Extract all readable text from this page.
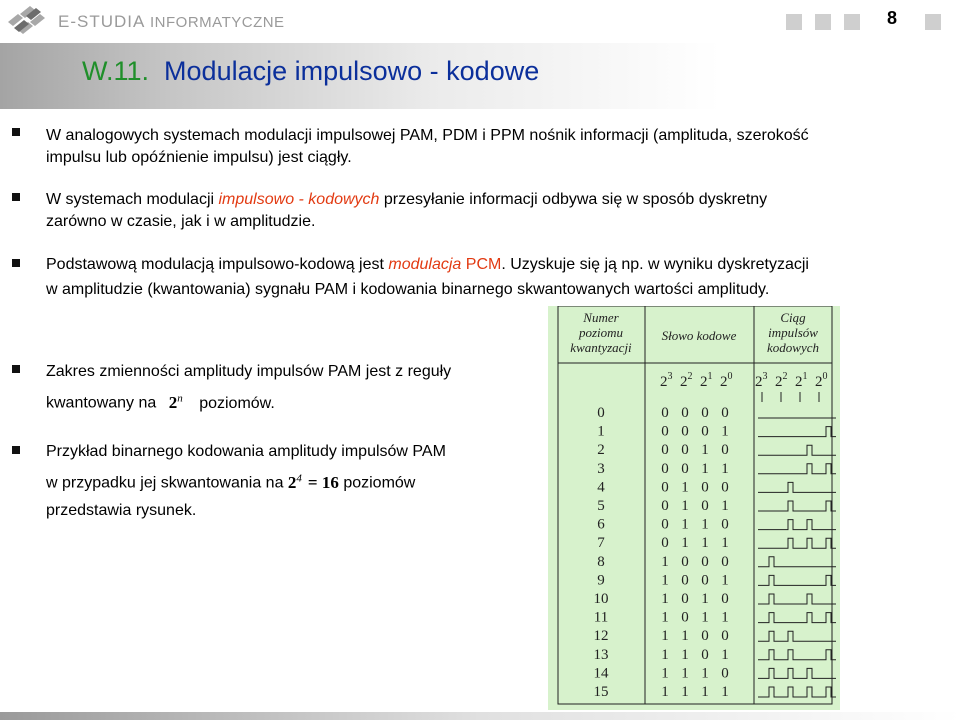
E-STUDIA INFORMATYCZNE	8
W.11. Modulacje impulsowo - kodowe
W analogowych systemach modulacji impulsowej PAM, PDM i PPM nośnik informacji (amplituda, szerokość
impulsu lub opóźnienie impulsu) jest ciągły.
W systemach modulacji impulsowo - kodowych przesyłanie informacji odbywa się w sposób dyskretny
zarówno w czasie, jak i w amplitudzie.
Podstawową modulacją impulsowo-kodową jest modulacja PCM. Uzyskuje się ją np. w wyniku dyskretyzacji
w amplitudzie (kwantowania) sygnału PAM i kodowania binarnego skwantowanych wartości amplitudy.
Zakres zmienności amplitudy impulsów PAM jest z reguły
kwantowany na 2$^n$ poziomów.
Przykład binarnego kodowania amplitudy impulsów PAM
w przypadku jej skwantowania na $2^4 = 16$ poziomów
przedstawia rysunek.
Numer
poziomu
kwantyzacji
Słowo kodowe
Ciąg
impulsów
kodowych
$2^3$ $2^2$ $2^1$ $2^0$ $2^3$ $2^2$ $2^1$ $2^0$
0	0 0 0 0
1	0 0 0 1
2	0 0 1 0
3	0 0 1 1
4	0 1 0 0
5	0 1 0 1
6	0 1 1 0
7	0 1 1 1
8	1 0 0 0
9	1 0 0 1
10	1 0 1 0
11	1 0 1 1
12	1 1 0 0
13	1 1 0 1
14	1 1 1 0
15	1 1 1 1
